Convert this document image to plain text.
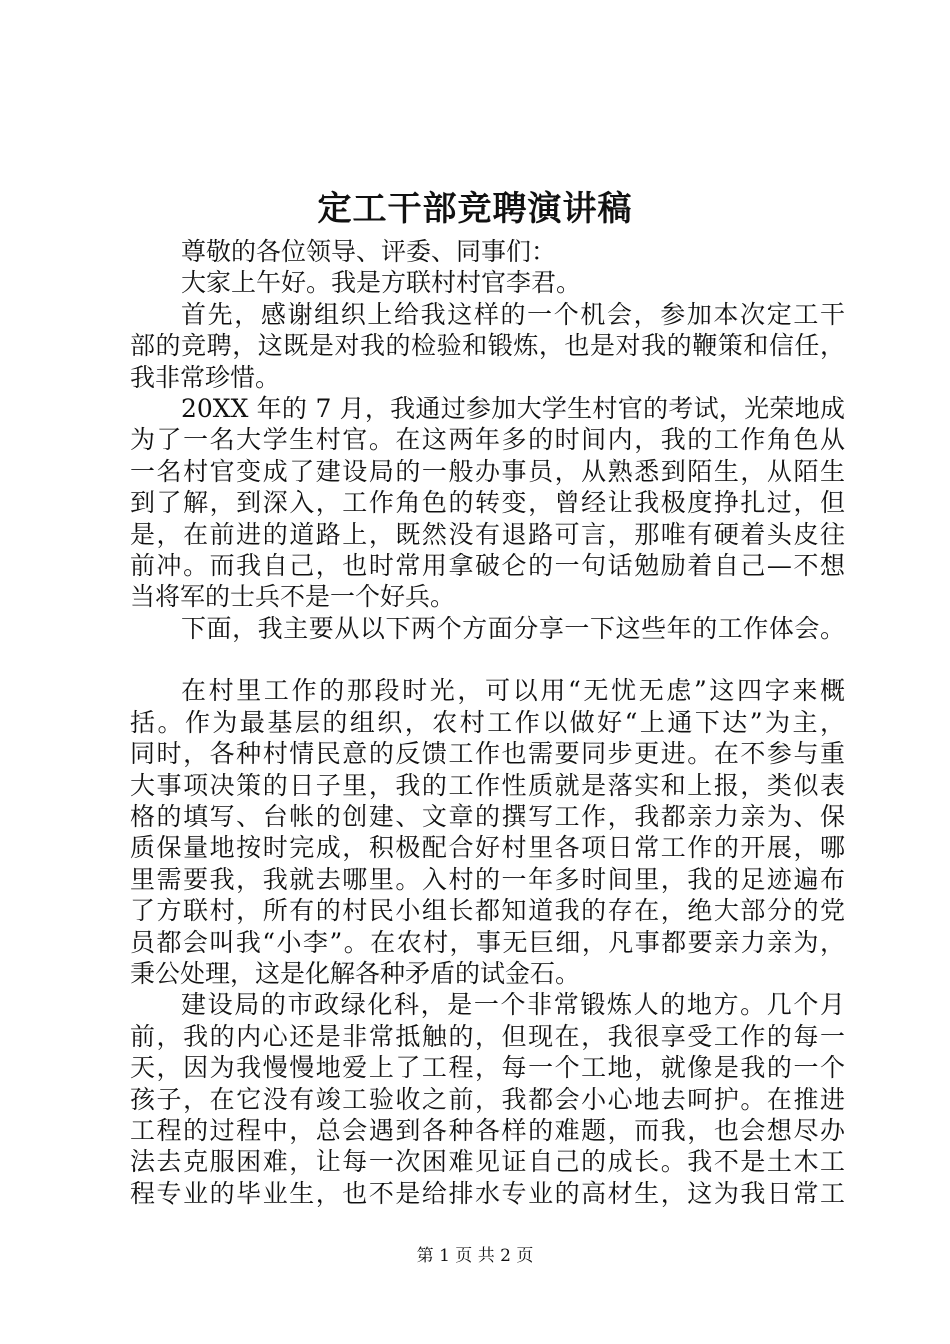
定工干部竞聘演讲稿
尊敬的各位领导、评委、同事们：
大家上午好。我是方联村村官李君。
首先，感谢组织上给我这样的一个机会，参加本次定工干
部的竞聘，这既是对我的检验和锻炼，也是对我的鞭策和信任，
我非常珍惜。
20XX 年的 7 月，我通过参加大学生村官的考试，光荣地成
为了一名大学生村官。在这两年多的时间内，我的工作角色从
一名村官变成了建设局的一般办事员，从熟悉到陌生，从陌生
到了解，到深入，工作角色的转变，曾经让我极度挣扎过，但
是，在前进的道路上，既然没有退路可言，那唯有硬着头皮往
前冲。而我自己，也时常用拿破仑的一句话勉励着自己—不想
当将军的士兵不是一个好兵。
下面，我主要从以下两个方面分享一下这些年的工作体会。
在村里工作的那段时光，可以用“无忧无虑”这四字来概
括。作为最基层的组织，农村工作以做好“上通下达”为主，
同时，各种村情民意的反馈工作也需要同步更进。在不参与重
大事项决策的日子里，我的工作性质就是落实和上报，类似表
格的填写、台帐的创建、文章的撰写工作，我都亲力亲为、保
质保量地按时完成，积极配合好村里各项日常工作的开展，哪
里需要我，我就去哪里。入村的一年多时间里，我的足迹遍布
了方联村，所有的村民小组长都知道我的存在，绝大部分的党
员都会叫我“小李”。在农村，事无巨细，凡事都要亲力亲为，
秉公处理，这是化解各种矛盾的试金石。
建设局的市政绿化科，是一个非常锻炼人的地方。几个月
前，我的内心还是非常抵触的，但现在，我很享受工作的每一
天，因为我慢慢地爱上了工程，每一个工地，就像是我的一个
孩子，在它没有竣工验收之前，我都会小心地去呵护。在推进
工程的过程中，总会遇到各种各样的难题，而我，也会想尽办
法去克服困难，让每一次困难见证自己的成长。我不是土木工
程专业的毕业生，也不是给排水专业的高材生，这为我日常工
第 1 页 共 2 页
